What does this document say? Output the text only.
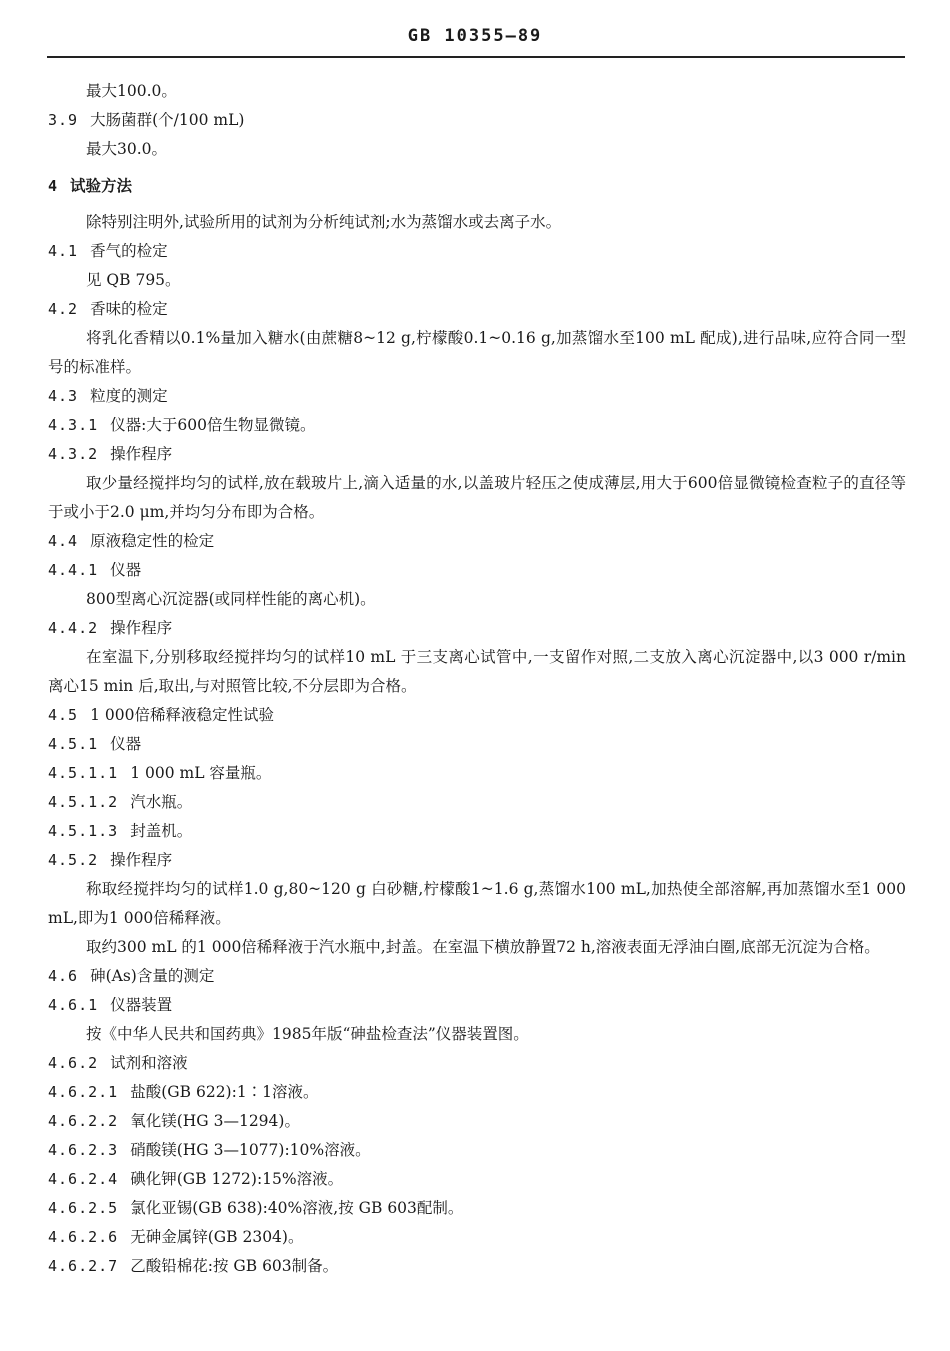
GB 10355—89
最大100.0。
3.9 大肠菌群(个/100 mL)
最大30.0。
4 试验方法
除特别注明外,试验所用的试剂为分析纯试剂;水为蒸馏水或去离子水。
4.1 香气的检定
见 QB 795。
4.2 香味的检定
将乳化香精以0.1%量加入糖水(由蔗糖8~12 g,柠檬酸0.1~0.16 g,加蒸馏水至100 mL 配成),进行品味,应符合同一型号的标准样。
4.3 粒度的测定
4.3.1 仪器:大于600倍生物显微镜。
4.3.2 操作程序
取少量经搅拌均匀的试样,放在载玻片上,滴入适量的水,以盖玻片轻压之使成薄层,用大于600倍显微镜检查粒子的直径等于或小于2.0 μm,并均匀分布即为合格。
4.4 原液稳定性的检定
4.4.1 仪器
800型离心沉淀器(或同样性能的离心机)。
4.4.2 操作程序
在室温下,分别移取经搅拌均匀的试样10 mL 于三支离心试管中,一支留作对照,二支放入离心沉淀器中,以3 000 r/min 离心15 min 后,取出,与对照管比较,不分层即为合格。
4.5 1 000倍稀释液稳定性试验
4.5.1 仪器
4.5.1.1 1 000 mL 容量瓶。
4.5.1.2 汽水瓶。
4.5.1.3 封盖机。
4.5.2 操作程序
称取经搅拌均匀的试样1.0 g,80~120 g 白砂糖,柠檬酸1~1.6 g,蒸馏水100 mL,加热使全部溶解,再加蒸馏水至1 000 mL,即为1 000倍稀释液。
取约300 mL 的1 000倍稀释液于汽水瓶中,封盖。在室温下横放静置72 h,溶液表面无浮油白圈,底部无沉淀为合格。
4.6 砷(As)含量的测定
4.6.1 仪器装置
按《中华人民共和国药典》1985年版“砷盐检查法”仪器装置图。
4.6.2 试剂和溶液
4.6.2.1 盐酸(GB 622):1∶1溶液。
4.6.2.2 氧化镁(HG 3—1294)。
4.6.2.3 硝酸镁(HG 3—1077):10%溶液。
4.6.2.4 碘化钾(GB 1272):15%溶液。
4.6.2.5 氯化亚锡(GB 638):40%溶液,按 GB 603配制。
4.6.2.6 无砷金属锌(GB 2304)。
4.6.2.7 乙酸铅棉花:按 GB 603制备。
